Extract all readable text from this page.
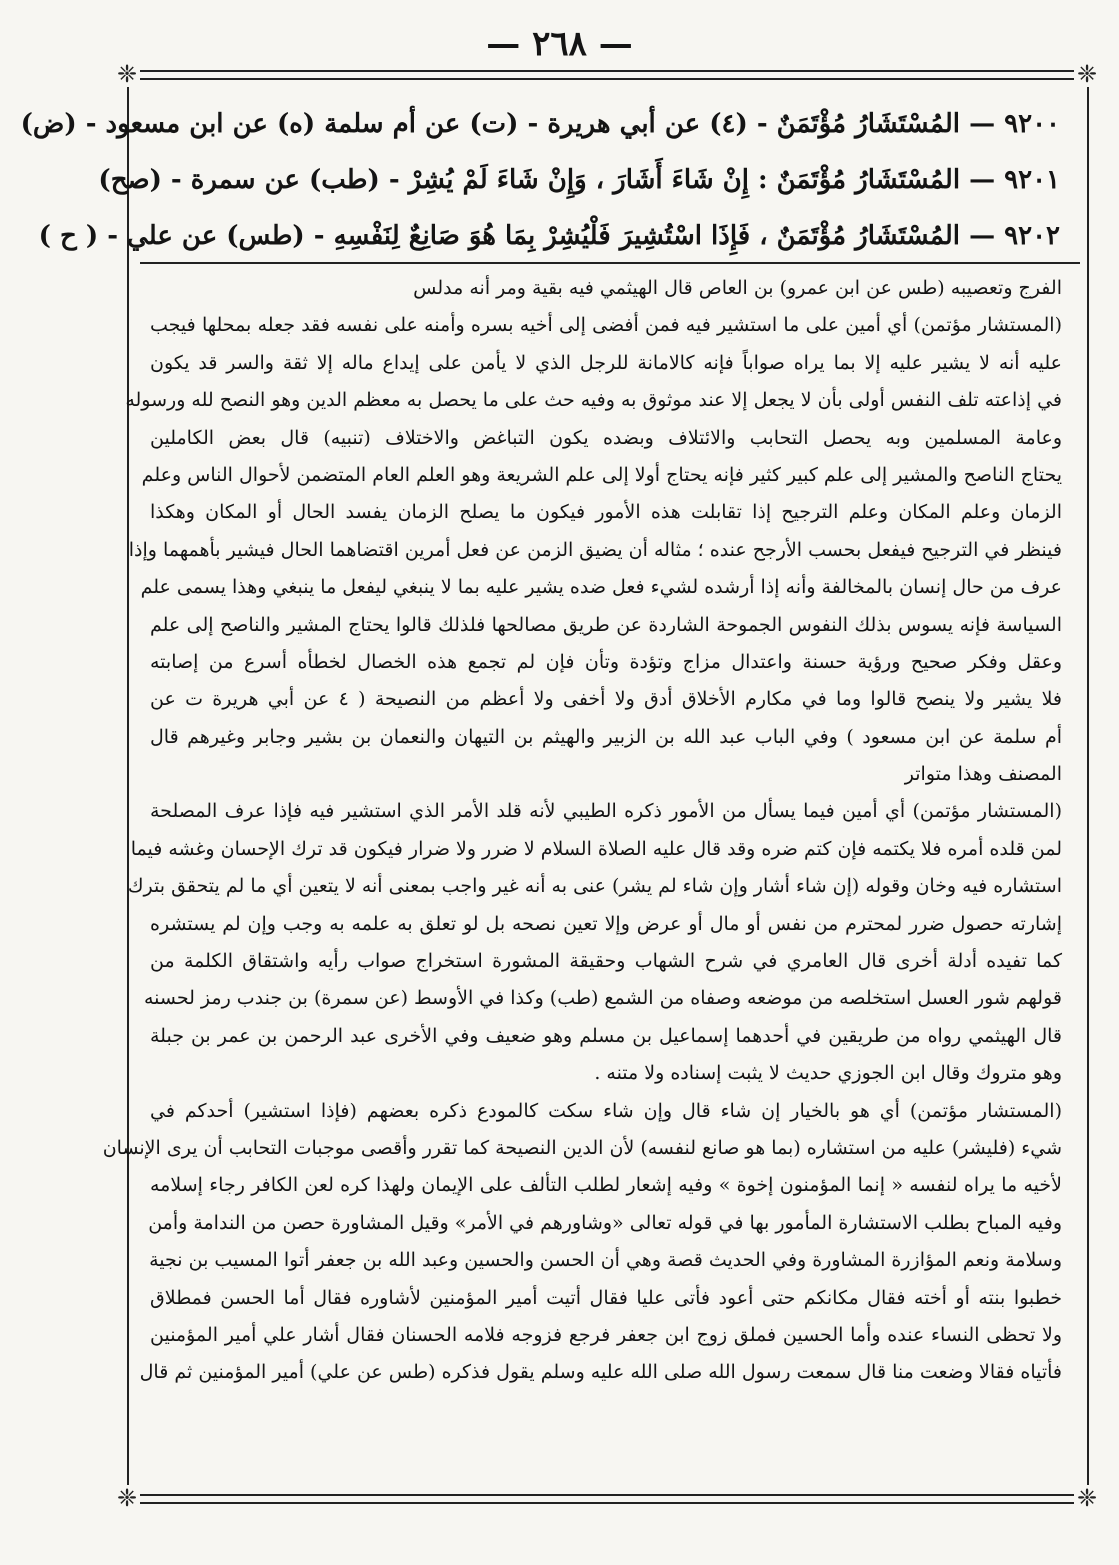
— ٢٦٨ —
❈	❈
❈	❈
٩٢٠٠ — المُسْتَشَارُ مُؤْتَمَنٌ - (٤) عن أبي هريرة - (ت) عن أم سلمة (ه) عن ابن مسعود - (ض)
٩٢٠١ — المُسْتَشَارُ مُؤْتَمَنٌ : إِنْ شَاءَ أَشَارَ ، وَإِنْ شَاءَ لَمْ يُشِرْ - (طب) عن سمرة - (صح)
٩٢٠٢ — المُسْتَشَارُ مُؤْتَمَنٌ ، فَإِذَا اسْتُشِيرَ فَلْيُشِرْ بِمَا هُوَ صَانِعٌ لِنَفْسِهِ - (طس) عن علي - ( ح )
الفرج وتعصيبه (طس عن ابن عمرو) بن العاص قال الهيثمي فيه بقية ومر أنه مدلس
(المستشار مؤتمن) أي أمين على ما استشير فيه فمن أفضى إلى أخيه بسره وأمنه على نفسه فقد جعله بمحلها فيجب
عليه أنه لا يشير عليه إلا بما يراه صواباً فإنه كالامانة للرجل الذي لا يأمن على إيداع ماله إلا ثقة والسر قد يكون
في إذاعته تلف النفس أولى بأن لا يجعل إلا عند موثوق به وفيه حث على ما يحصل به معظم الدين وهو النصح لله ورسوله
وعامة المسلمين وبه يحصل التحابب والائتلاف وبضده يكون التباغض والاختلاف (تنبيه) قال بعض الكاملين
يحتاج الناصح والمشير إلى علم كبير كثير فإنه يحتاج أولا إلى علم الشريعة وهو العلم العام المتضمن لأحوال الناس وعلم
الزمان وعلم المكان وعلم الترجيح إذا تقابلت هذه الأمور فيكون ما يصلح الزمان يفسد الحال أو المكان وهكذا
فينظر في الترجيح فيفعل بحسب الأرجح عنده ؛ مثاله أن يضيق الزمن عن فعل أمرين اقتضاهما الحال فيشير بأهمهما وإذا
عرف من حال إنسان بالمخالفة وأنه إذا أرشده لشيء فعل ضده يشير عليه بما لا ينبغي ليفعل ما ينبغي وهذا يسمى علم
السياسة فإنه يسوس بذلك النفوس الجموحة الشاردة عن طريق مصالحها فلذلك قالوا يحتاج المشير والناصح إلى علم
وعقل وفكر صحيح ورؤية حسنة واعتدال مزاج وتؤدة وتأن فإن لم تجمع هذه الخصال لخطأه أسرع من إصابته
فلا يشير ولا ينصح قالوا وما في مكارم الأخلاق أدق ولا أخفى ولا أعظم من النصيحة ( ٤ عن أبي هريرة ت عن
أم سلمة عن ابن مسعود ) وفي الباب عبد الله بن الزبير والهيثم بن التيهان والنعمان بن بشير وجابر وغيرهم قال
المصنف وهذا متواتر
(المستشار مؤتمن) أي أمين فيما يسأل من الأمور ذكره الطيبي لأنه قلد الأمر الذي استشير فيه فإذا عرف المصلحة
لمن قلده أمره فلا يكتمه فإن كتم ضره وقد قال عليه الصلاة السلام لا ضرر ولا ضرار فيكون قد ترك الإحسان وغشه فيما
استشاره فيه وخان وقوله (إن شاء أشار وإن شاء لم يشر) عنى به أنه غير واجب بمعنى أنه لا يتعين أي ما لم يتحقق بترك
إشارته حصول ضرر لمحترم من نفس أو مال أو عرض وإلا تعين نصحه بل لو تعلق به علمه به وجب وإن لم يستشره
كما تفيده أدلة أخرى قال العامري في شرح الشهاب وحقيقة المشورة استخراج صواب رأيه واشتقاق الكلمة من
قولهم شور العسل استخلصه من موضعه وصفاه من الشمع (طب) وكذا في الأوسط (عن سمرة) بن جندب رمز لحسنه
قال الهيثمي رواه من طريقين في أحدهما إسماعيل بن مسلم وهو ضعيف وفي الأخرى عبد الرحمن بن عمر بن جبلة
وهو متروك وقال ابن الجوزي حديث لا يثبت إسناده ولا متنه .
(المستشار مؤتمن) أي هو بالخيار إن شاء قال وإن شاء سكت كالمودع ذكره بعضهم (فإذا استشير) أحدكم في
شيء (فليشر) عليه من استشاره (بما هو صانع لنفسه) لأن الدين النصيحة كما تقرر وأقصى موجبات التحابب أن يرى الإنسان
لأخيه ما يراه لنفسه « إنما المؤمنون إخوة » وفيه إشعار لطلب التألف على الإيمان ولهذا كره لعن الكافر رجاء إسلامه
وفيه المباح بطلب الاستشارة المأمور بها في قوله تعالى «وشاورهم في الأمر» وقيل المشاورة حصن من الندامة وأمن
وسلامة ونعم المؤازرة المشاورة وفي الحديث قصة وهي أن الحسن والحسين وعبد الله بن جعفر أتوا المسيب بن نجية
خطبوا بنته أو أخته فقال مكانكم حتى أعود فأتى عليا فقال أتيت أمير المؤمنين لأشاوره فقال أما الحسن فمطلاق
ولا تحظى النساء عنده وأما الحسين فملق زوج ابن جعفر فرجع فزوجه فلامه الحسنان فقال أشار علي أمير المؤمنين
فأتياه فقالا وضعت منا قال سمعت رسول الله صلى الله عليه وسلم يقول فذكره (طس عن علي) أمير المؤمنين ثم قال
